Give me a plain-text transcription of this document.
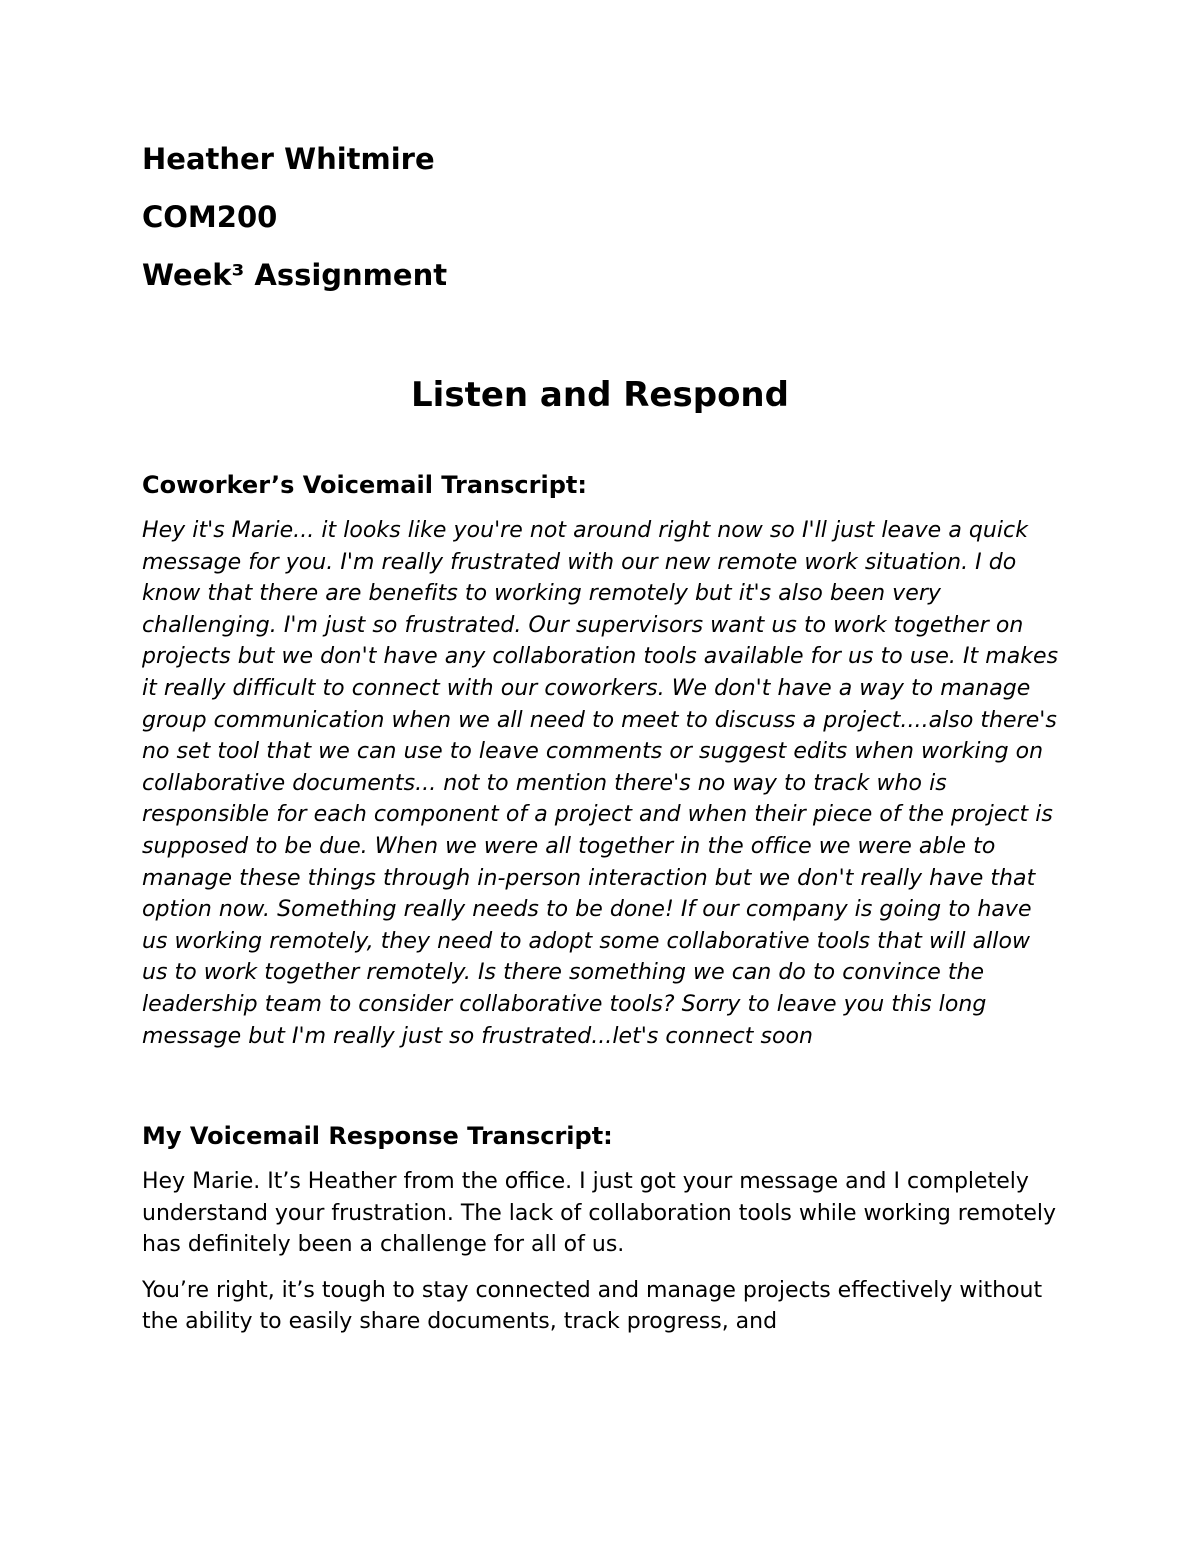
Heather Whitmire
COM200
Week³ Assignment
Listen and Respond
Coworker’s Voicemail Transcript:

Hey it's Marie... it looks like you're not around right now so I'll just leave a quick message for you. I'm really frustrated with our new remote work situation. I do know that there are benefits to working remotely but it's also been very challenging. I'm just so frustrated. Our supervisors want us to work together on projects but we don't have any collaboration tools available for us to use. It makes it really difficult to connect with our coworkers. We don't have a way to manage group communication when we all need to meet to discuss a project....also there's no set tool that we can use to leave comments or suggest edits when working on collaborative documents... not to mention there's no way to track who is responsible for each component of a project and when their piece of the project is supposed to be due. When we were all together in the office we were able to manage these things through in-person interaction but we don't really have that option now. Something really needs to be done! If our company is going to have us working remotely, they need to adopt some collaborative tools that will allow us to work together remotely. Is there something we can do to convince the leadership team to consider collaborative tools? Sorry to leave you this long message but I'm really just so frustrated...let's connect soon

My Voicemail Response Transcript:

Hey Marie. It’s Heather from the office. I just got your message and I completely understand your frustration. The lack of collaboration tools while working remotely has definitely been a challenge for all of us.

You’re right, it’s tough to stay connected and manage projects effectively without the ability to easily share documents, track progress, and
